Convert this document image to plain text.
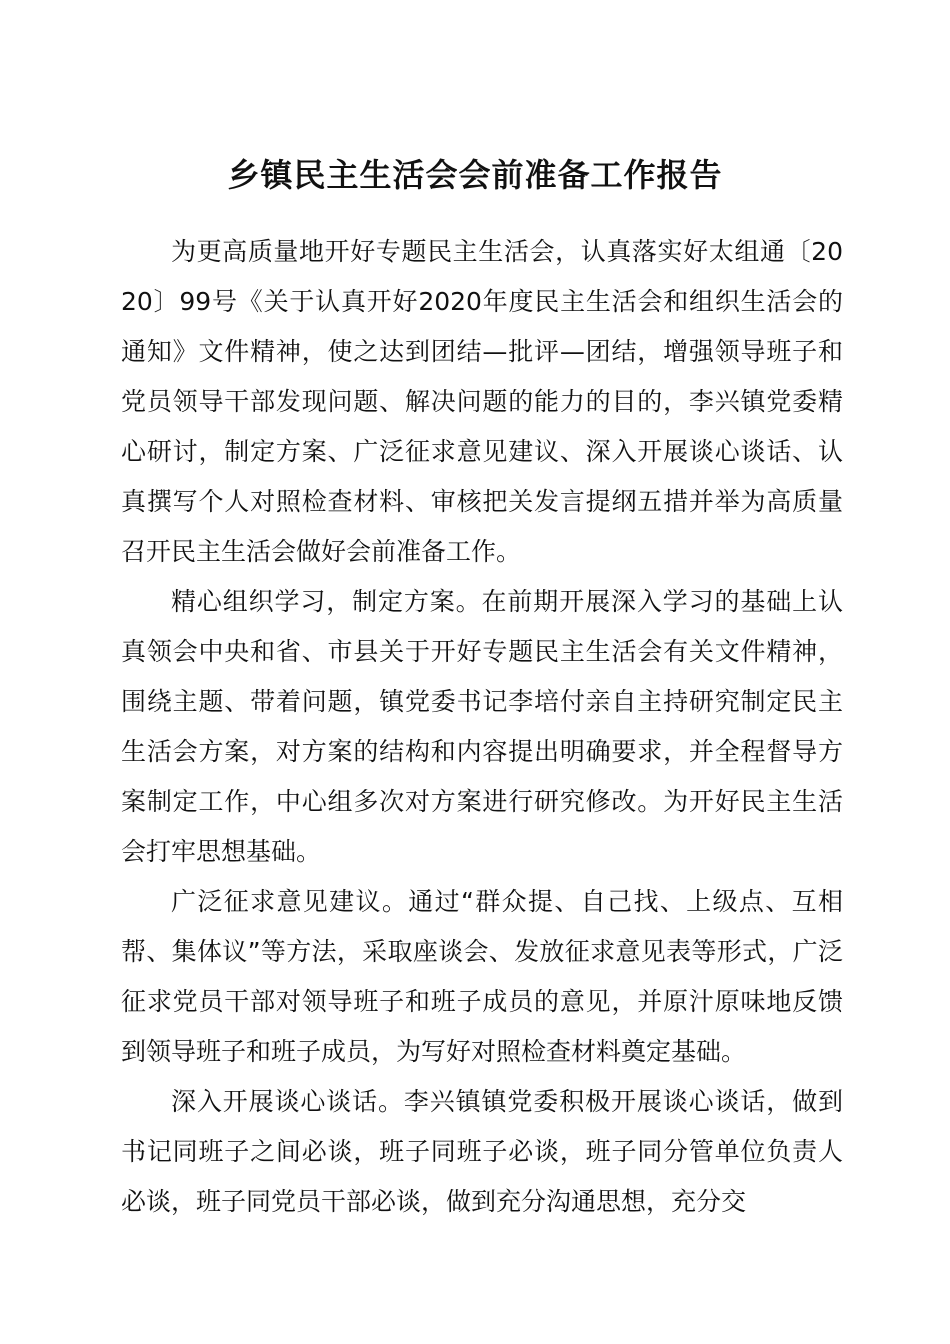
乡镇民主生活会会前准备工作报告

为更高质量地开好专题民主生活会，认真落实好太组通〔2020〕99号《关于认真开好2020年度民主生活会和组织生活会的通知》文件精神，使之达到团结—批评—团结，增强领导班子和党员领导干部发现问题、解决问题的能力的目的，李兴镇党委精心研讨，制定方案、广泛征求意见建议、深入开展谈心谈话、认真撰写个人对照检查材料、审核把关发言提纲五措并举为高质量召开民主生活会做好会前准备工作。

精心组织学习，制定方案。在前期开展深入学习的基础上认真领会中央和省、市县关于开好专题民主生活会有关文件精神，围绕主题、带着问题，镇党委书记李培付亲自主持研究制定民主生活会方案，对方案的结构和内容提出明确要求，并全程督导方案制定工作，中心组多次对方案进行研究修改。为开好民主生活会打牢思想基础。

广泛征求意见建议。通过“群众提、自己找、上级点、互相帮、集体议”等方法，采取座谈会、发放征求意见表等形式，广泛征求党员干部对领导班子和班子成员的意见，并原汁原味地反馈到领导班子和班子成员，为写好对照检查材料奠定基础。

深入开展谈心谈话。李兴镇镇党委积极开展谈心谈话，做到书记同班子之间必谈，班子同班子必谈，班子同分管单位负责人必谈，班子同党员干部必谈，做到充分沟通思想，充分交
